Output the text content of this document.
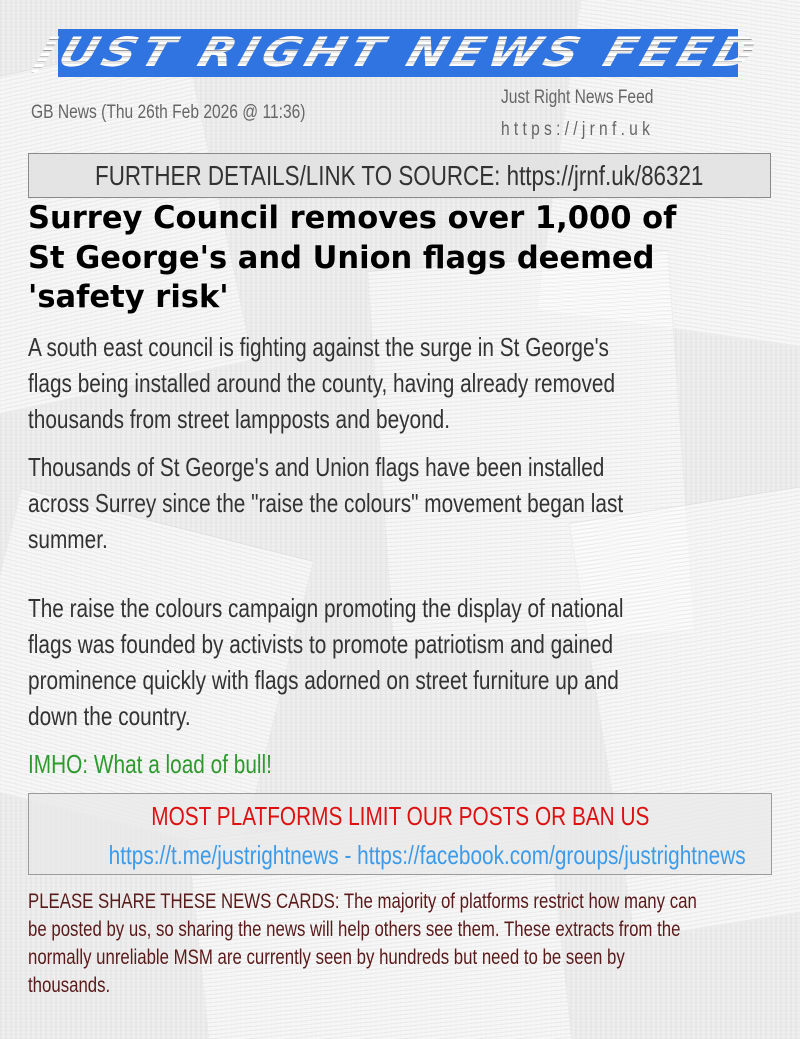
JUST RIGHT NEWS FEED
GB News (Thu 26th Feb 2026 @ 11:36)
Just Right News Feed
https://jrnf.uk
FURTHER DETAILS/LINK TO SOURCE: https://jrnf.uk/86321
Surrey Council removes over 1,000 of
St George's and Union flags deemed
'safety risk'
A south east council is fighting against the surge in St George's
flags being installed around the county, having already removed
thousands from street lampposts and beyond.
Thousands of St George's and Union flags have been installed
across Surrey since the "raise the colours" movement began last
summer.
The raise the colours campaign promoting the display of national
flags was founded by activists to promote patriotism and gained
prominence quickly with flags adorned on street furniture up and
down the country.
IMHO: What a load of bull!
MOST PLATFORMS LIMIT OUR POSTS OR BAN US
https://t.me/justrightnews - https://facebook.com/groups/justrightnews
PLEASE SHARE THESE NEWS CARDS: The majority of platforms restrict how many can
be posted by us, so sharing the news will help others see them. These extracts from the
normally unreliable MSM are currently seen by hundreds but need to be seen by
thousands.
